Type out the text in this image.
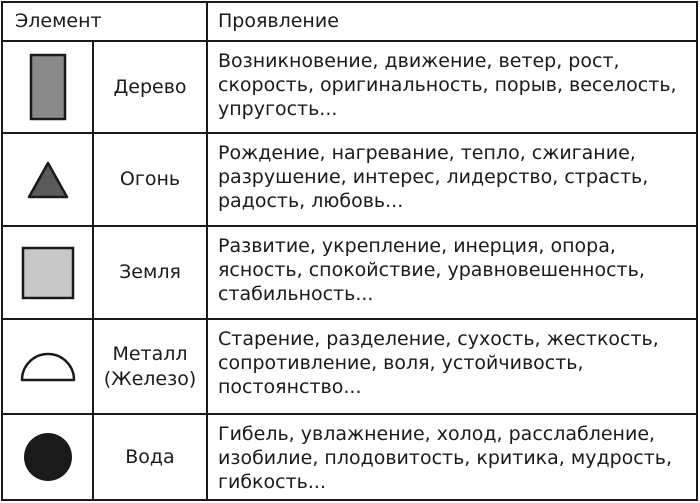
Элемент	Проявление
Дерево
Возникновение, движение, ветер, рост, скорость, оригинальность, порыв, веселость, упругость...
Огонь
Рождение, нагревание, тепло, сжигание, разрушение, интерес, лидерство, страсть, радость, любовь...
Земля
Развитие, укрепление, инерция, опора, ясность, спокойствие, уравновешенность, стабильность...
Металл
(Железо)
Старение, разделение, сухость, жесткость, сопротивление, воля, устойчивость, постоянство...
Вода
Гибель, увлажнение, холод, расслабление, изобилие, плодовитость, критика, мудрость, гибкость...
